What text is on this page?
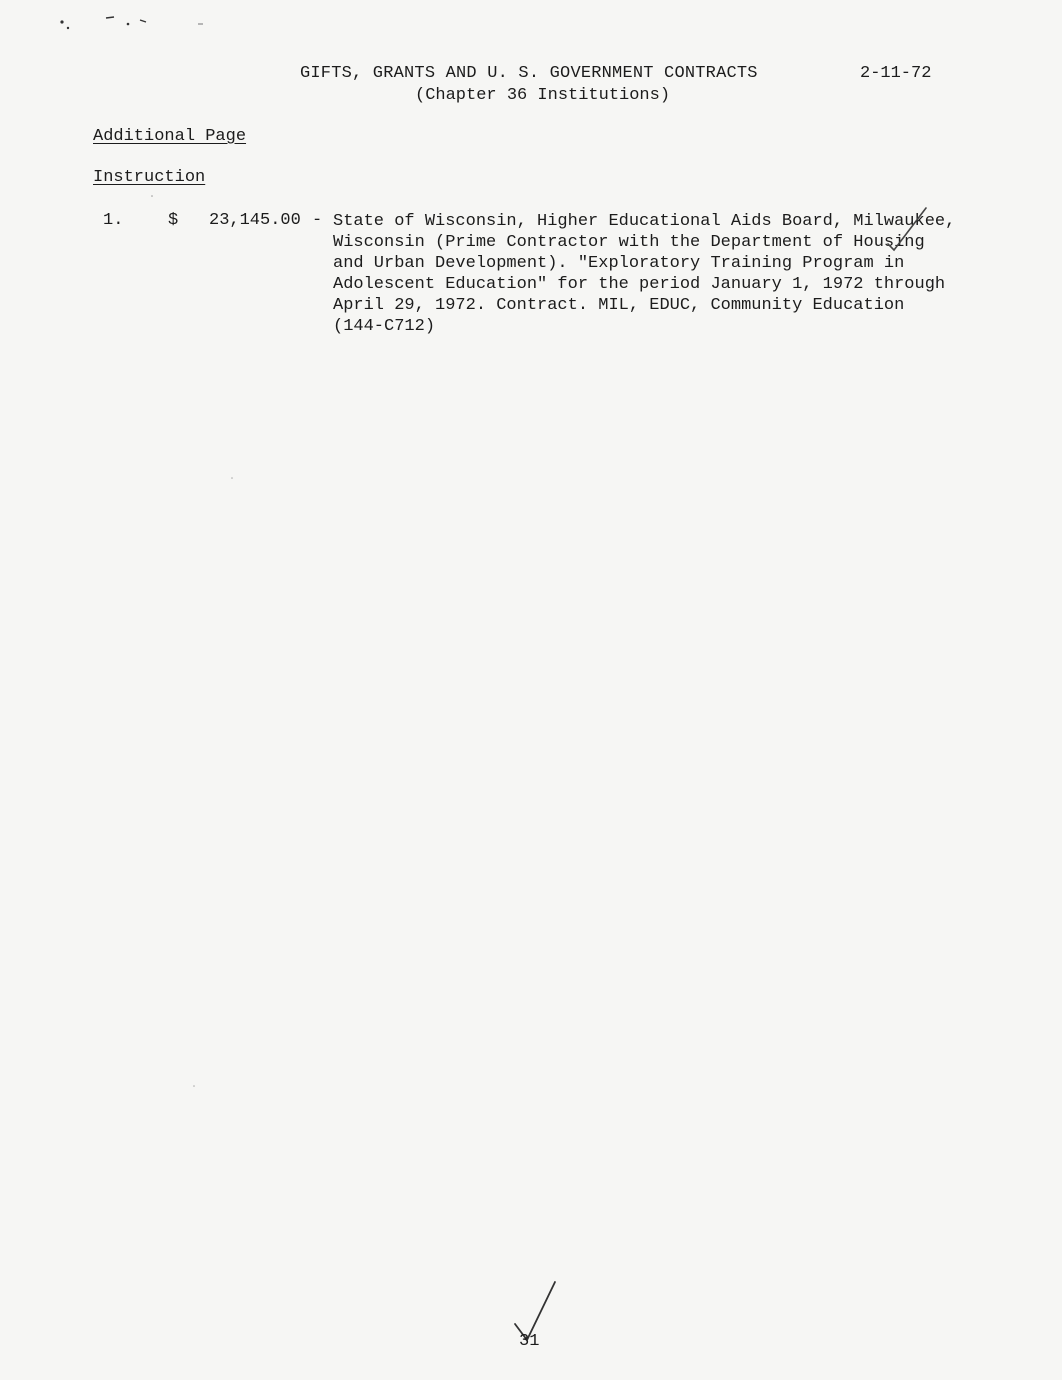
GIFTS, GRANTS AND U. S. GOVERNMENT CONTRACTS
(Chapter 36 Institutions)
2-11-72
Additional Page
Instruction
1.	$ 23,145.00 - State of Wisconsin, Higher Educational Aids Board, Milwaukee,
Wisconsin (Prime Contractor with the Department of Housing
and Urban Development). "Exploratory Training Program in
Adolescent Education" for the period January 1, 1972 through
April 29, 1972. Contract. MIL, EDUC, Community Education
(144-C712)
31
